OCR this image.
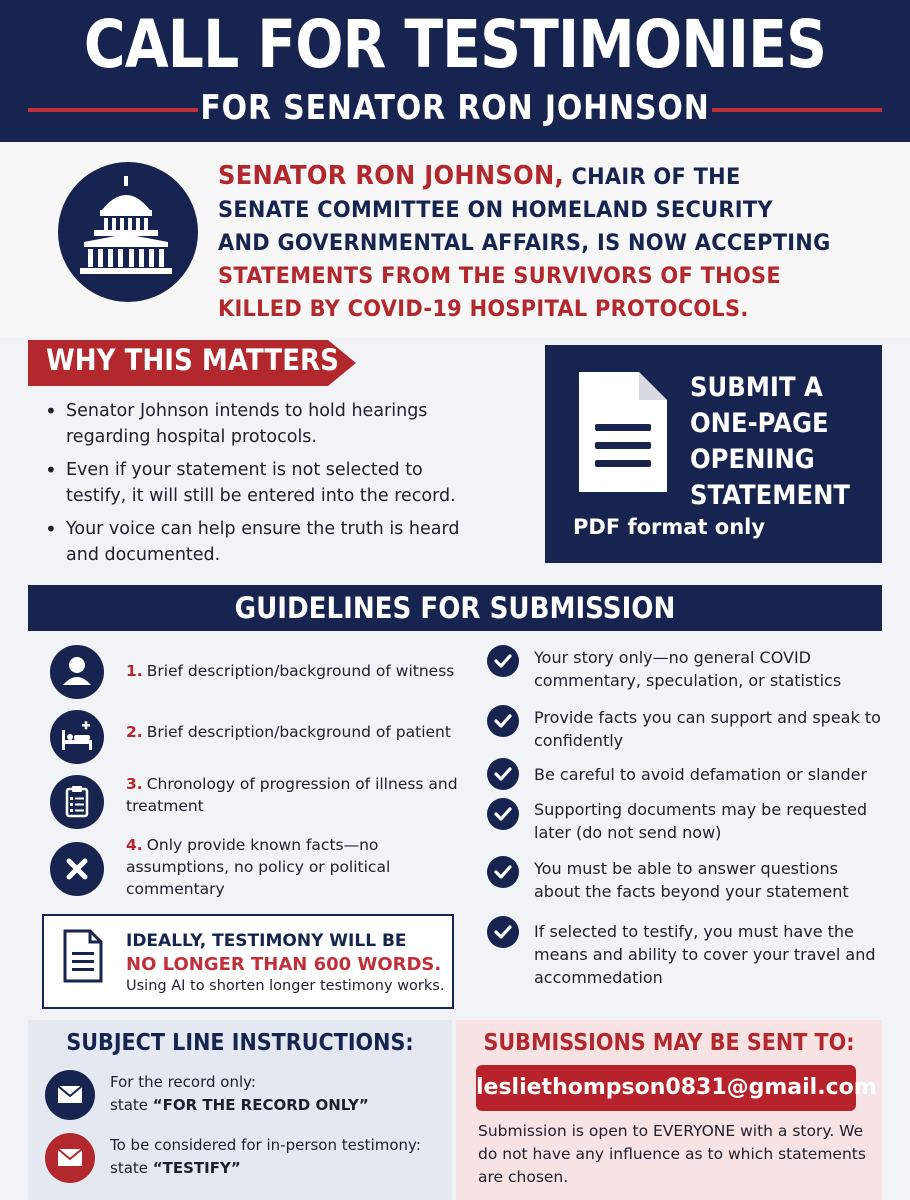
CALL FOR TESTIMONIES
FOR SENATOR RON JOHNSON
SENATOR RON JOHNSON, CHAIR OF THE SENATE COMMITTEE ON HOMELAND SECURITY AND GOVERNMENTAL AFFAIRS, IS NOW ACCEPTING STATEMENTS FROM THE SURVIVORS OF THOSE KILLED BY COVID-19 HOSPITAL PROTOCOLS.
WHY THIS MATTERS
• Senator Johnson intends to hold hearings regarding hospital protocols.
• Even if your statement is not selected to testify, it will still be entered into the record.
• Your voice can help ensure the truth is heard and documented.
SUBMIT A ONE-PAGE OPENING STATEMENT
PDF format only
GUIDELINES FOR SUBMISSION
1. Brief description/background of witness
2. Brief description/background of patient
3. Chronology of progression of illness and treatment
4. Only provide known facts—no assumptions, no policy or political commentary
Your story only—no general COVID commentary, speculation, or statistics
Provide facts you can support and speak to confidently
Be careful to avoid defamation or slander
Supporting documents may be requested later (do not send now)
You must be able to answer questions about the facts beyond your statement
If selected to testify, you must have the means and ability to cover your travel and accommedation
IDEALLY, TESTIMONY WILL BE
NO LONGER THAN 600 WORDS.
Using AI to shorten longer testimony works.
SUBJECT LINE INSTRUCTIONS:
For the record only:
state “FOR THE RECORD ONLY”
To be considered for in-person testimony:
state “TESTIFY”
SUBMISSIONS MAY BE SENT TO:
lesliethompson0831@gmail.com
Submission is open to EVERYONE with a story. We do not have any influence as to which statements are chosen.
